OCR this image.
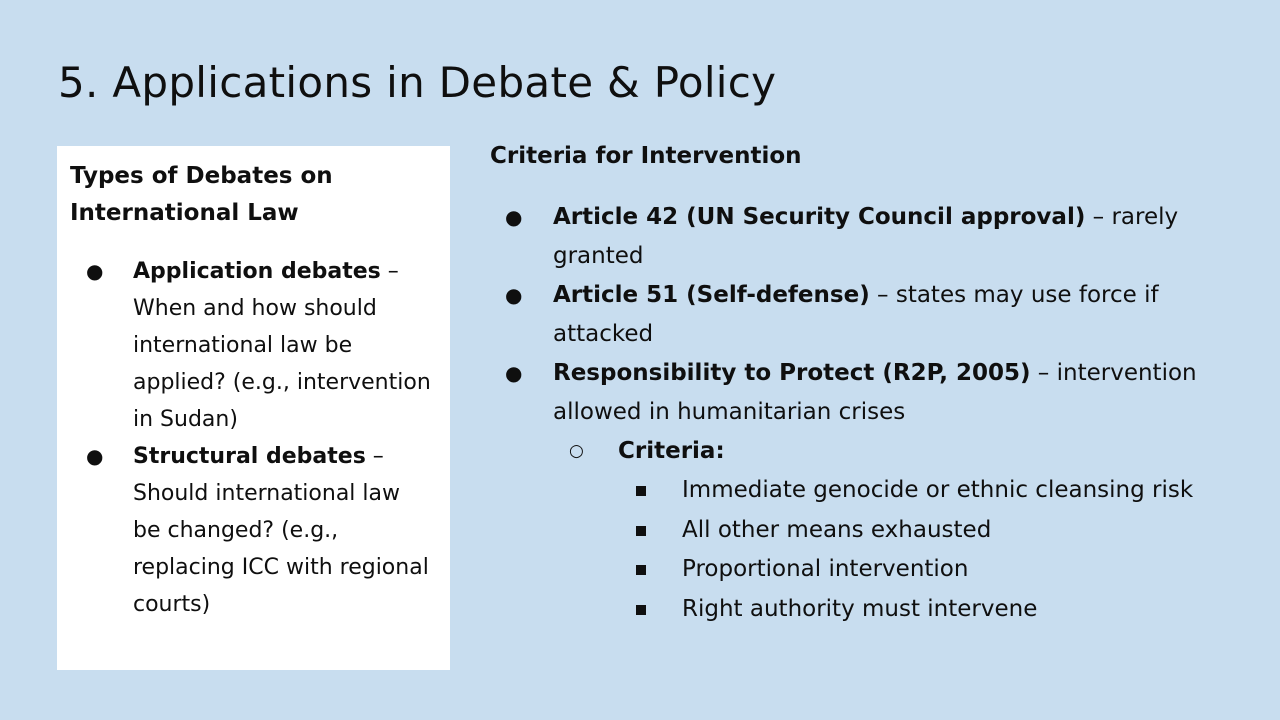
5. Applications in Debate & Policy
Types of Debates on International Law
● Application debates – When and how should international law be applied? (e.g., intervention in Sudan)
● Structural debates – Should international law be changed? (e.g., replacing ICC with regional courts)
Criteria for Intervention
● Article 42 (UN Security Council approval) – rarely granted
● Article 51 (Self-defense) – states may use force if attacked
● Responsibility to Protect (R2P, 2005) – intervention allowed in humanitarian crises
○ Criteria:
Immediate genocide or ethnic cleansing risk
All other means exhausted
Proportional intervention
Right authority must intervene
